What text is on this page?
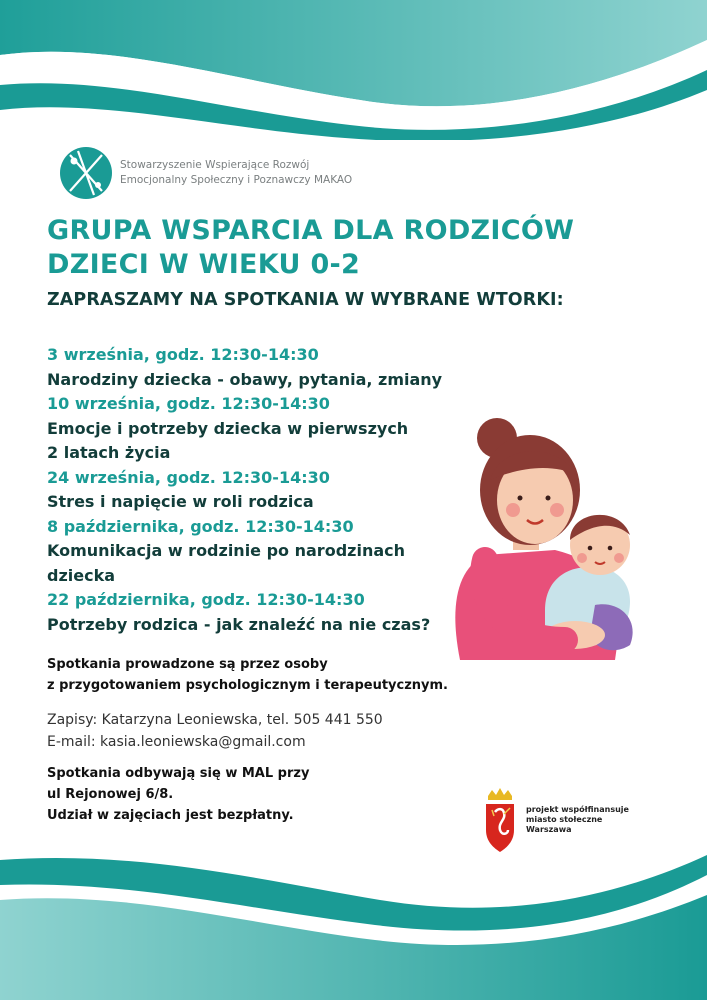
Stowarzyszenie Wspierające Rozwój
Emocjonalny Społeczny i Poznawczy MAKAO
GRUPA WSPARCIA DLA RODZICÓW
DZIECI W WIEKU 0-2
ZAPRASZAMY NA SPOTKANIA W WYBRANE WTORKI:
3 września, godz. 12:30-14:30
Narodziny dziecka - obawy, pytania, zmiany
10 września, godz. 12:30-14:30
Emocje i potrzeby dziecka w pierwszych
2 latach życia
24 września, godz. 12:30-14:30
Stres i napięcie w roli rodzica
8 października, godz. 12:30-14:30
Komunikacja w rodzinie po narodzinach
dziecka
22 października, godz. 12:30-14:30
Potrzeby rodzica - jak znaleźć na nie czas?
Spotkania prowadzone są przez osoby
z przygotowaniem psychologicznym i terapeutycznym.
Zapisy: Katarzyna Leoniewska, tel. 505 441 550
E-mail: kasia.leoniewska@gmail.com
Spotkania odbywają się w MAL przy
ul Rejonowej 6/8.
Udział w zajęciach jest bezpłatny.	projekt współfinansuje
miasto stołeczne
Warszawa
